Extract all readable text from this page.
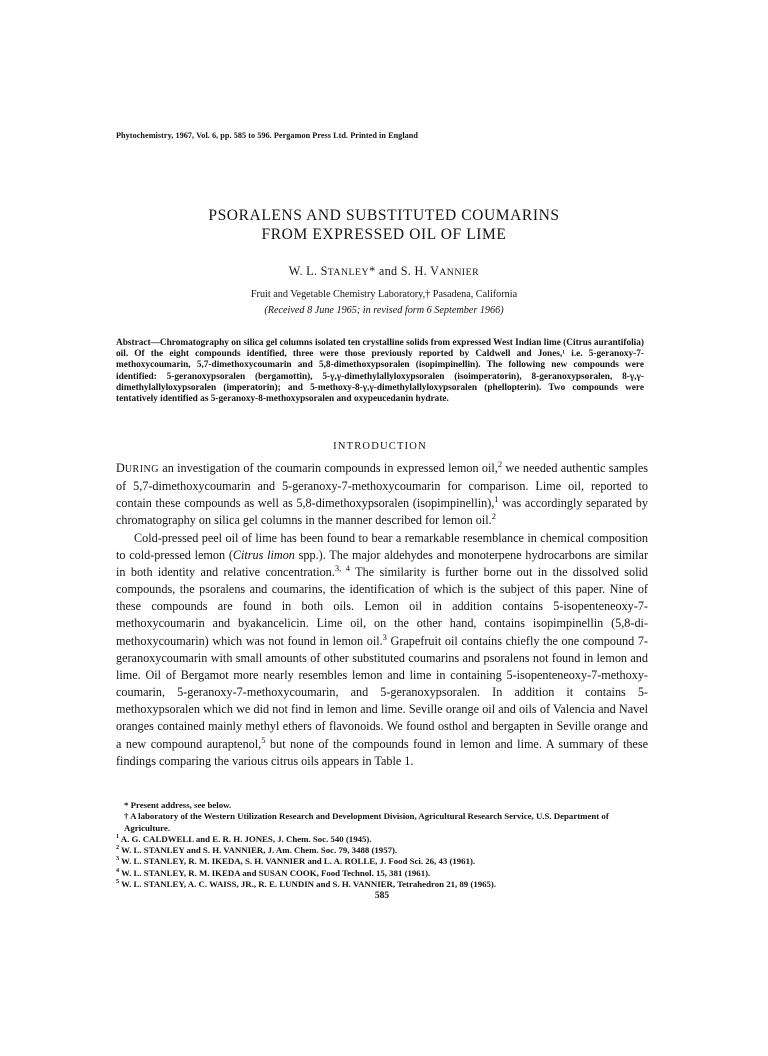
Phytochemistry, 1967, Vol. 6, pp. 585 to 596. Pergamon Press Ltd. Printed in England
PSORALENS AND SUBSTITUTED COUMARINS
FROM EXPRESSED OIL OF LIME
W. L. STANLEY* and S. H. VANNIER
Fruit and Vegetable Chemistry Laboratory,† Pasadena, California
(Received 8 June 1965; in revised form 6 September 1966)
Abstract—Chromatography on silica gel columns isolated ten crystalline solids from expressed West Indian lime (Citrus aurantifolia) oil. Of the eight compounds identified, three were those previously reported by Caldwell and Jones,¹ i.e. 5-geranoxy-7-methoxycoumarin, 5,7-dimethoxycoumarin and 5,8-dimethoxypsoralen (isopimpinellin). The following new compounds were identified: 5-geranoxypsoralen (bergamottin), 5-γ,γ-dimethylallyloxypsoralen (isoimperatorin), 8-geranoxypsoralen, 8-γ,γ-dimethylallyloxypsoralen (imperatorin); and 5-methoxy-8-γ,γ-dimethylallyloxypsoralen (phellopterin). Two compounds were tentatively identified as 5-geranoxy-8-methoxypsoralen and oxypeucedanin hydrate.
INTRODUCTION

DURING an investigation of the coumarin compounds in expressed lemon oil,$^2$ we needed authentic samples of 5,7-dimethoxycoumarin and 5-geranoxy-7-methoxycoumarin for comparison. Lime oil, reported to contain these compounds as well as 5,8-dimethoxypsoralen (isopimpinellin),$^1$ was accordingly separated by chromatography on silica gel columns in the manner described for lemon oil.$^2$

Cold-pressed peel oil of lime has been found to bear a remarkable resemblance in chemical composition to cold-pressed lemon (Citrus limon spp.). The major aldehydes and monoterpene hydrocarbons are similar in both identity and relative concentration.$^{3, 4}$ The similarity is further borne out in the dissolved solid compounds, the psoralens and coumarins, the identification of which is the subject of this paper. Nine of these compounds are found in both oils. Lemon oil in addition contains 5-isopenteneoxy-7-methoxycoumarin and byakancelicin. Lime oil, on the other hand, contains isopimpinellin (5,8-di-methoxycoumarin) which was not found in lemon oil.$^3$ Grapefruit oil contains chiefly the one compound 7-geranoxycoumarin with small amounts of other substituted coumarins and psoralens not found in lemon and lime. Oil of Bergamot more nearly resembles lemon and lime in containing 5-isopenteneoxy-7-methoxy-coumarin, 5-geranoxy-7-methoxycoumarin, and 5-geranoxypsoralen. In addition it contains 5-methoxypsoralen which we did not find in lemon and lime. Seville orange oil and oils of Valencia and Navel oranges contained mainly methyl ethers of flavonoids. We found osthol and bergapten in Seville orange and a new compound auraptenol,$^5$ but none of the compounds found in lemon and lime. A summary of these findings comparing the various citrus oils appears in Table 1.

* Present address, see below.
† A laboratory of the Western Utilization Research and Development Division, Agricultural Research Service, U.S. Department of Agriculture.
$^1$ A. G. CALDWELL and E. R. H. JONES, J. Chem. Soc. 540 (1945).
$^2$ W. L. STANLEY and S. H. VANNIER, J. Am. Chem. Soc. 79, 3488 (1957).
$^3$ W. L. STANLEY, R. M. IKEDA, S. H. VANNIER and L. A. ROLLE, J. Food Sci. 26, 43 (1961).
$^4$ W. L. STANLEY, R. M. IKEDA and SUSAN COOK, Food Technol. 15, 381 (1961).
$^5$ W. L. STANLEY, A. C. WAISS, JR., R. E. LUNDIN and S. H. VANNIER, Tetrahedron 21, 89 (1965).
585
